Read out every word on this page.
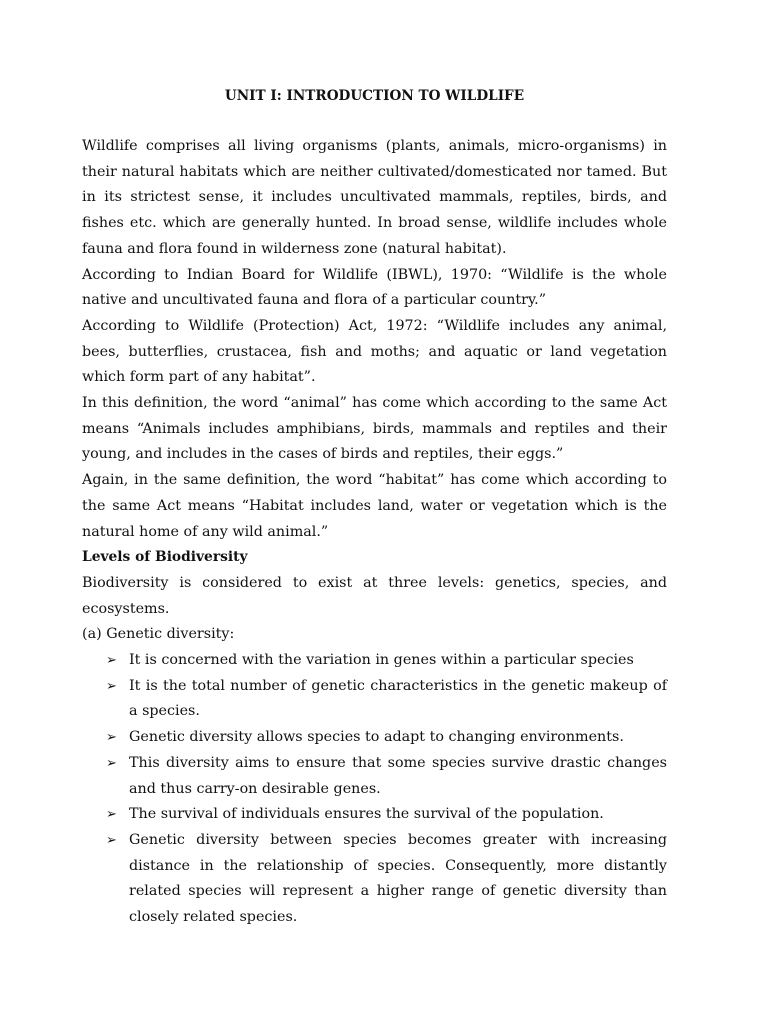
UNIT I: INTRODUCTION TO WILDLIFE

Wildlife comprises all living organisms (plants, animals, micro-organisms) in their natural habitats which are neither cultivated/domesticated nor tamed. But in its strictest sense, it includes uncultivated mammals, reptiles, birds, and fishes etc. which are generally hunted. In broad sense, wildlife includes whole fauna and flora found in wilderness zone (natural habitat).

According to Indian Board for Wildlife (IBWL), 1970: “Wildlife is the whole native and uncultivated fauna and flora of a particular country.”

According to Wildlife (Protection) Act, 1972: “Wildlife includes any animal, bees, butterflies, crustacea, fish and moths; and aquatic or land vegetation which form part of any habitat”.

In this definition, the word “animal” has come which according to the same Act means “Animals includes amphibians, birds, mammals and reptiles and their young, and includes in the cases of birds and reptiles, their eggs.”

Again, in the same definition, the word “habitat” has come which according to the same Act means “Habitat includes land, water or vegetation which is the natural home of any wild animal.”

Levels of Biodiversity

Biodiversity is considered to exist at three levels: genetics, species, and ecosystems.

(a) Genetic diversity:
➢ It is concerned with the variation in genes within a particular species
➢ It is the total number of genetic characteristics in the genetic makeup of a species.
➢ Genetic diversity allows species to adapt to changing environments.
➢ This diversity aims to ensure that some species survive drastic changes and thus carry-on desirable genes.
➢ The survival of individuals ensures the survival of the population.
➢ Genetic diversity between species becomes greater with increasing distance in the relationship of species. Consequently, more distantly related species will represent a higher range of genetic diversity than closely related species.
